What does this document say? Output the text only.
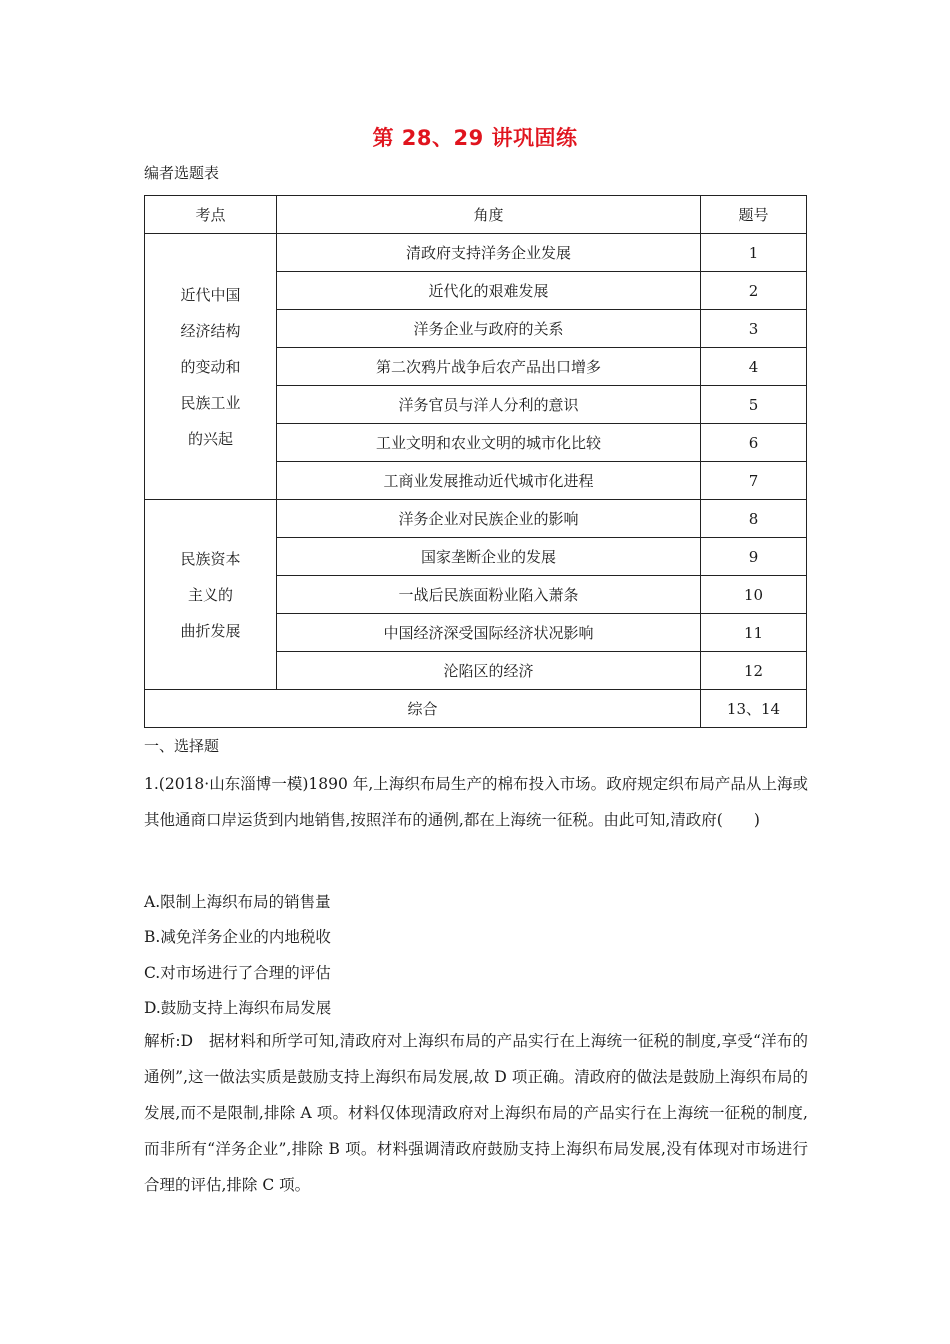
第 28、29 讲巩固练
编者选题表
考点	角度	题号

近代中国
经济结构
的变动和
民族工业
的兴起	清政府支持洋务企业发展	1
	近代化的艰难发展	2
	洋务企业与政府的关系	3
	第二次鸦片战争后农产品出口增多	4
	洋务官员与洋人分利的意识	5
	工业文明和农业文明的城市化比较	6
	工商业发展推动近代城市化进程	7

民族资本
主义的
曲折发展	洋务企业对民族企业的影响	8
	国家垄断企业的发展	9
	一战后民族面粉业陷入萧条	10
	中国经济深受国际经济状况影响	11
	沦陷区的经济	12
综合		13、14
一、选择题
1.(2018·山东淄博一模)1890 年,上海织布局生产的棉布投入市场。政府规定织布局产品从上海或其他通商口岸运货到内地销售,按照洋布的通例,都在上海统一征税。由此可知,清政府(　　)
A.限制上海织布局的销售量
B.减免洋务企业的内地税收
C.对市场进行了合理的评估
D.鼓励支持上海织布局发展
解析:D　据材料和所学可知,清政府对上海织布局的产品实行在上海统一征税的制度,享受“洋布的通例”,这一做法实质是鼓励支持上海织布局发展,故 D 项正确。清政府的做法是鼓励上海织布局的发展,而不是限制,排除 A 项。材料仅体现清政府对上海织布局的产品实行在上海统一征税的制度,而非所有“洋务企业”,排除 B 项。材料强调清政府鼓励支持上海织布局发展,没有体现对市场进行合理的评估,排除 C 项。
